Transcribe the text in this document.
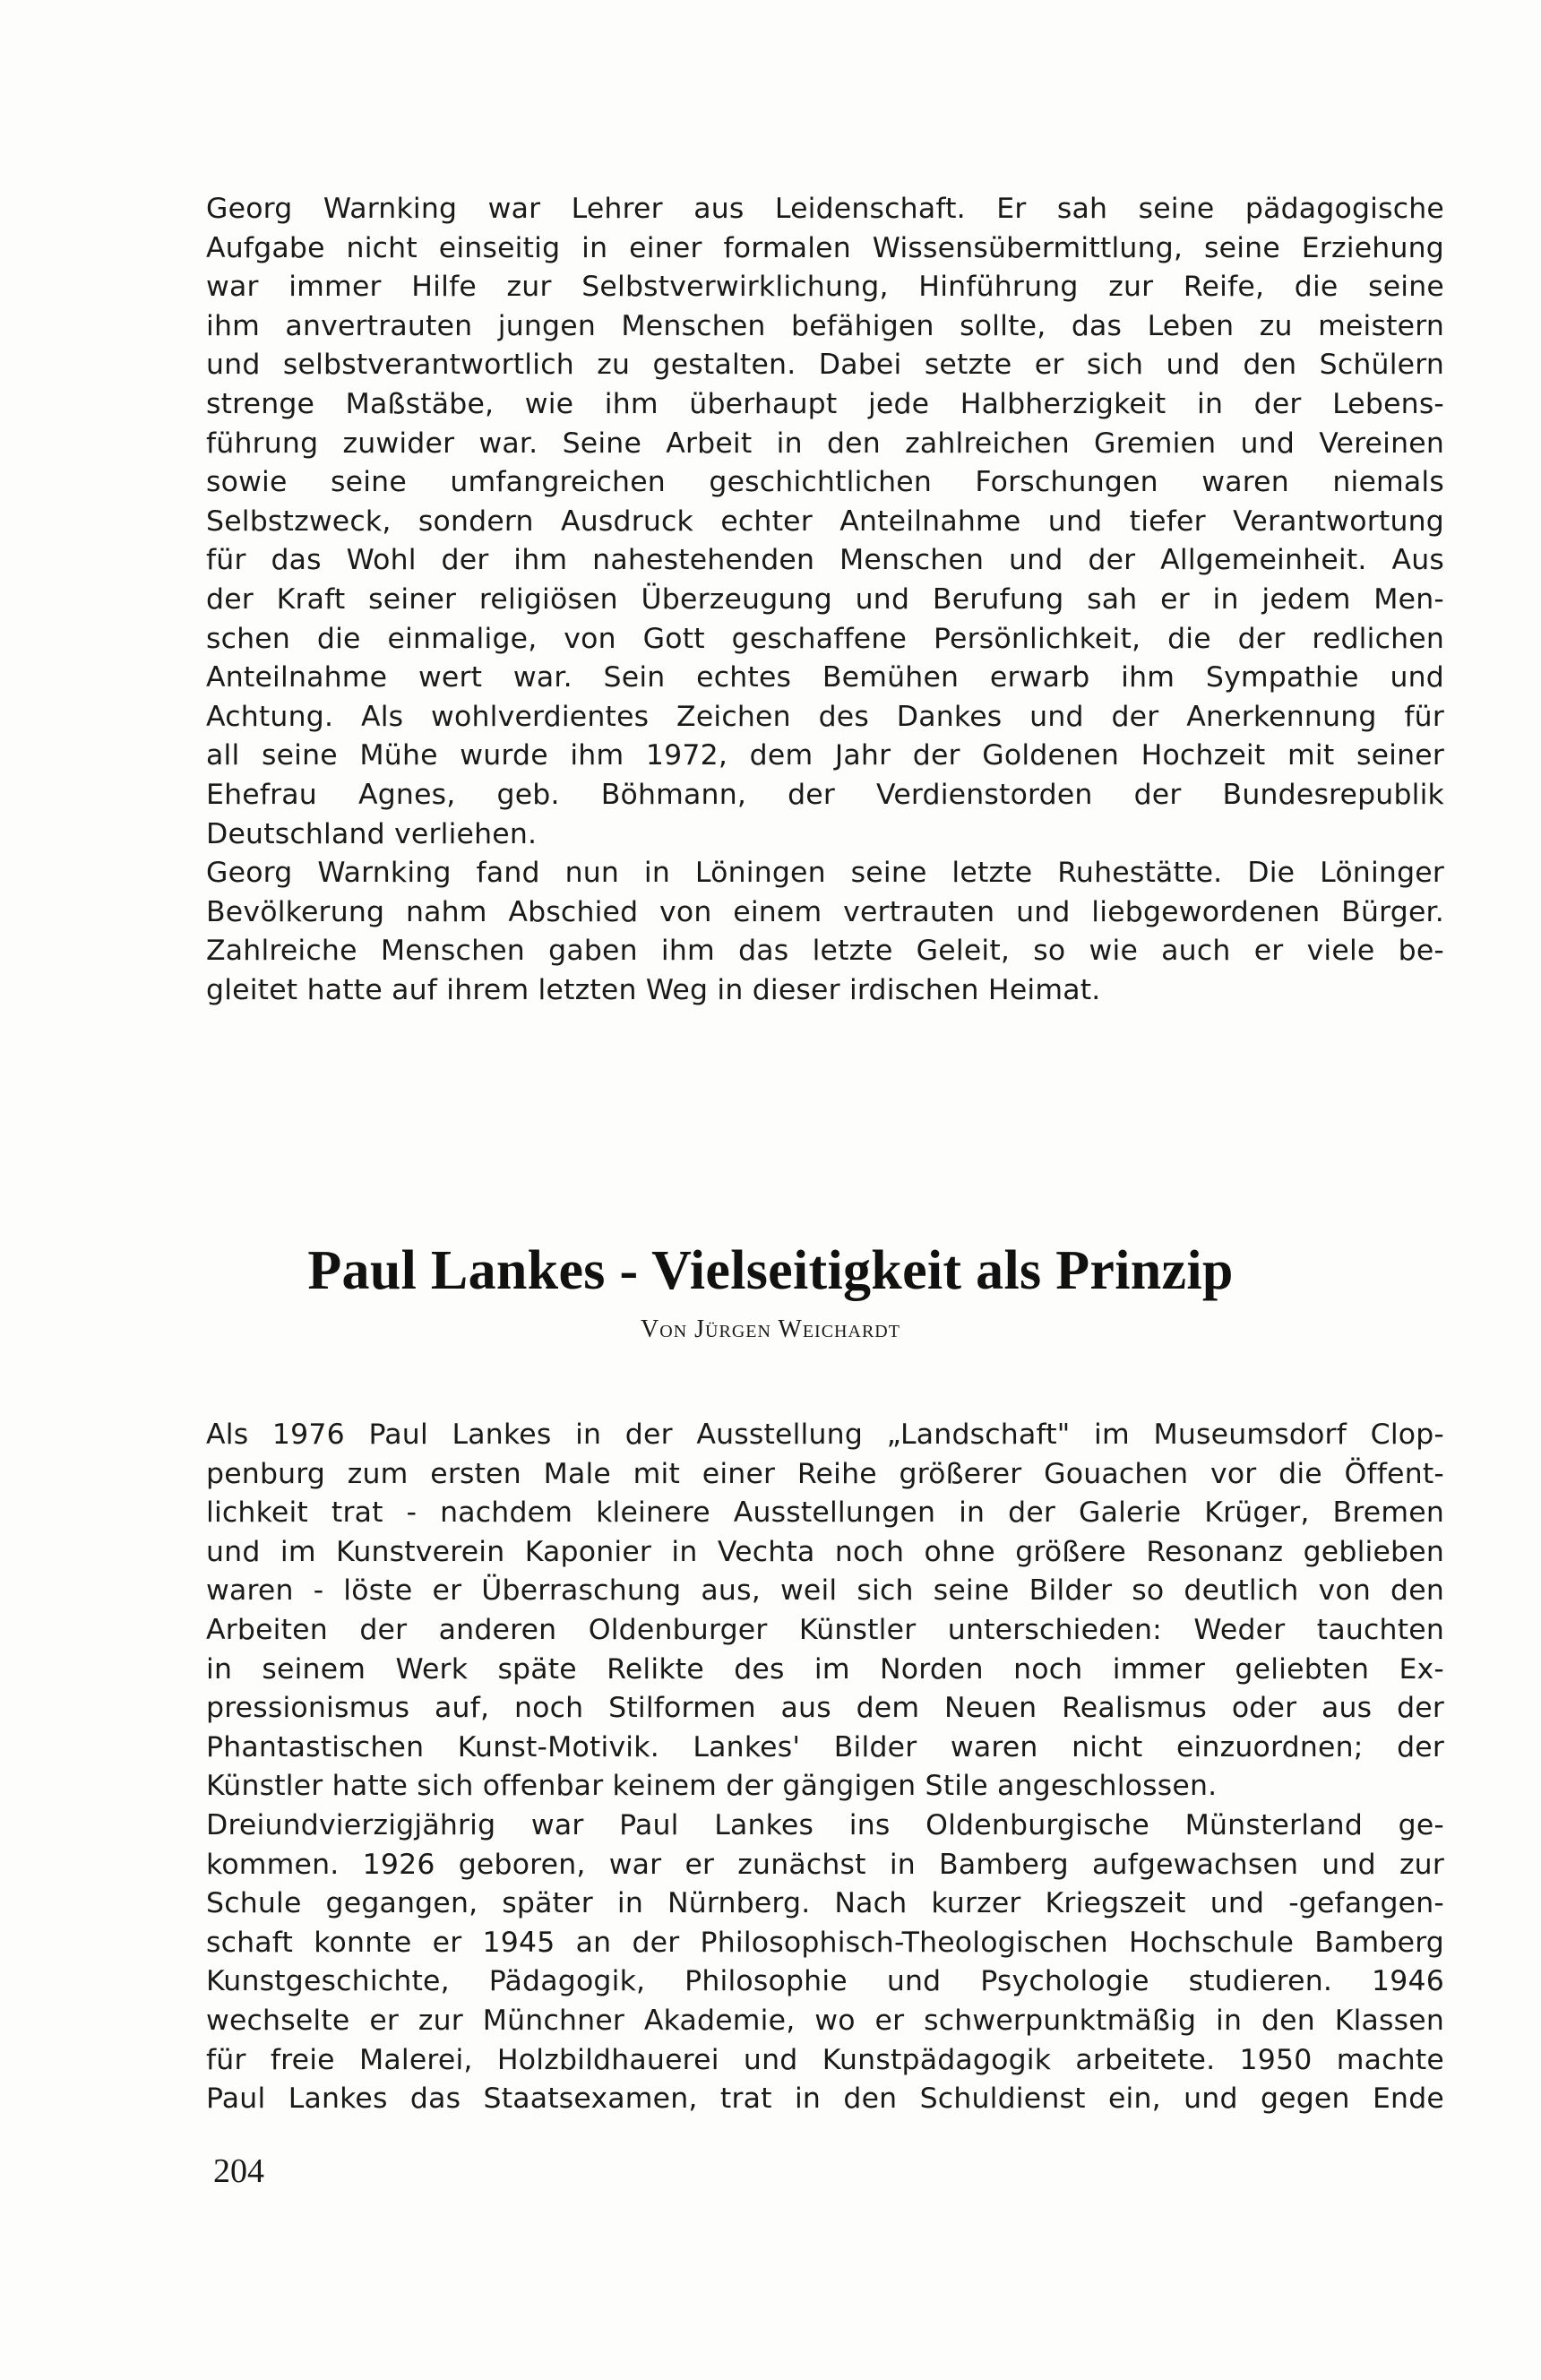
Georg Warnking war Lehrer aus Leidenschaft. Er sah seine pädagogische
Aufgabe nicht einseitig in einer formalen Wissensübermittlung, seine Erziehung
war immer Hilfe zur Selbstverwirklichung, Hinführung zur Reife, die seine
ihm anvertrauten jungen Menschen befähigen sollte, das Leben zu meistern
und selbstverantwortlich zu gestalten. Dabei setzte er sich und den Schülern
strenge Maßstäbe, wie ihm überhaupt jede Halbherzigkeit in der Lebens-
führung zuwider war. Seine Arbeit in den zahlreichen Gremien und Vereinen
sowie seine umfangreichen geschichtlichen Forschungen waren niemals
Selbstzweck, sondern Ausdruck echter Anteilnahme und tiefer Verantwortung
für das Wohl der ihm nahestehenden Menschen und der Allgemeinheit. Aus
der Kraft seiner religiösen Überzeugung und Berufung sah er in jedem Men-
schen die einmalige, von Gott geschaffene Persönlichkeit, die der redlichen
Anteilnahme wert war. Sein echtes Bemühen erwarb ihm Sympathie und
Achtung. Als wohlverdientes Zeichen des Dankes und der Anerkennung für
all seine Mühe wurde ihm 1972, dem Jahr der Goldenen Hochzeit mit seiner
Ehefrau Agnes, geb. Böhmann, der Verdienstorden der Bundesrepublik
Deutschland verliehen.
Georg Warnking fand nun in Löningen seine letzte Ruhestätte. Die Löninger
Bevölkerung nahm Abschied von einem vertrauten und liebgewordenen Bürger.
Zahlreiche Menschen gaben ihm das letzte Geleit, so wie auch er viele be-
gleitet hatte auf ihrem letzten Weg in dieser irdischen Heimat.
Paul Lankes - Vielseitigkeit als Prinzip
Von Jürgen Weichardt
Als 1976 Paul Lankes in der Ausstellung „Landschaft" im Museumsdorf Clop-
penburg zum ersten Male mit einer Reihe größerer Gouachen vor die Öffent-
lichkeit trat - nachdem kleinere Ausstellungen in der Galerie Krüger, Bremen
und im Kunstverein Kaponier in Vechta noch ohne größere Resonanz geblieben
waren - löste er Überraschung aus, weil sich seine Bilder so deutlich von den
Arbeiten der anderen Oldenburger Künstler unterschieden: Weder tauchten
in seinem Werk späte Relikte des im Norden noch immer geliebten Ex-
pressionismus auf, noch Stilformen aus dem Neuen Realismus oder aus der
Phantastischen Kunst-Motivik. Lankes' Bilder waren nicht einzuordnen; der
Künstler hatte sich offenbar keinem der gängigen Stile angeschlossen.
Dreiundvierzigjährig war Paul Lankes ins Oldenburgische Münsterland ge-
kommen. 1926 geboren, war er zunächst in Bamberg aufgewachsen und zur
Schule gegangen, später in Nürnberg. Nach kurzer Kriegszeit und -gefangen-
schaft konnte er 1945 an der Philosophisch-Theologischen Hochschule Bamberg
Kunstgeschichte, Pädagogik, Philosophie und Psychologie studieren. 1946
wechselte er zur Münchner Akademie, wo er schwerpunktmäßig in den Klassen
für freie Malerei, Holzbildhauerei und Kunstpädagogik arbeitete. 1950 machte
Paul Lankes das Staatsexamen, trat in den Schuldienst ein, und gegen Ende
204
